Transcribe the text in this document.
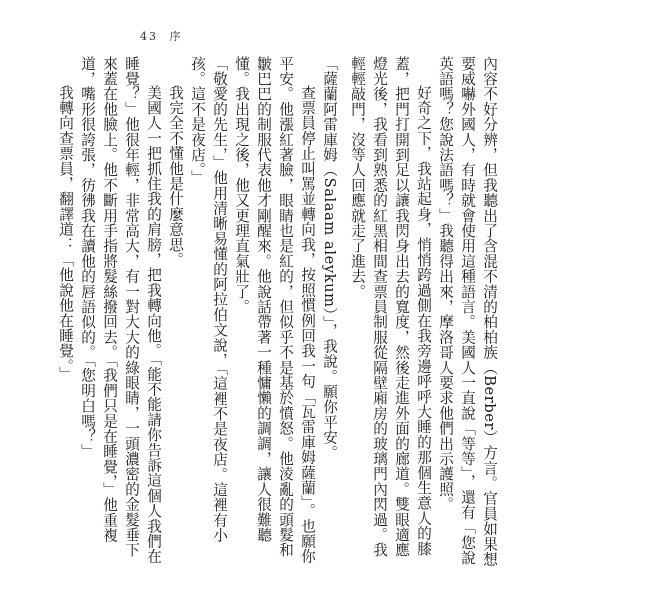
43 序

內容不好分辨，但我聽出了含混不清的柏柏族（Berber）方言。官員如果想要威嚇外國人，有時就會使用這種語言。美國人一直說「等等」，還有「您說英語嗎？您說法語嗎？」我聽得出來，摩洛哥人要求他們出示護照。

好奇之下，我站起身，悄悄跨過側在我旁邊呼呼大睡的那個生意人的膝蓋，把門打開到足以讓我閃身出去的寬度，然後走進外面的廊道。雙眼適應燈光後，我看到熟悉的紅黑相間查票員制服從隔壁廂房的玻璃門內閃過。我輕輕敲門，沒等人回應就走了進去。

「薩蘭阿雷庫姆（Salaam aleykum）」，我說。願你平安。

查票員停止叫罵並轉向我，按照慣例回我一句「瓦雷庫姆薩蘭」。也願你平安。他漲紅著臉，眼睛也是紅的，但似乎不是基於憤怒。他淩亂的頭髮和皺巴巴的制服代表他才剛醒來。他說話帶著一種慵懶的調調，讓人很難聽懂。我出現之後，他又更理直氣壯了。

「敬愛的先生，」他用清晰易懂的阿拉伯文說，「這裡不是夜店。這裡有小孩。這不是夜店。」

我完全不懂他是什麼意思。

美國人一把抓住我的肩膀，把我轉向他。「能不能請你告訴這個人我們在睡覺？」他很年輕，非常高大，有一對大大的綠眼睛，一頭濃密的金髮垂下來蓋在他臉上。他不斷用手指將髮絲撥回去。「我們只是在睡覺，」他重複道，嘴形很誇張，彷彿我在讀他的唇語似的。「您明白嗎？」

我轉向查票員，翻譯道：「他說他在睡覺。」
